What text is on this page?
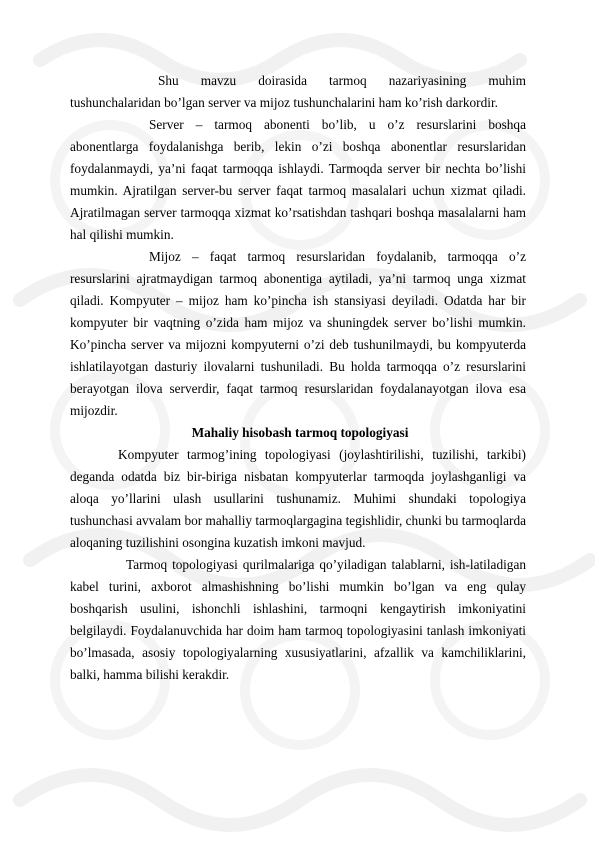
Shu mavzu doirasida tarmoq nazariyasining muhim tushunchalaridan bo’lgan server va mijoz tushunchalarini ham ko’rish darkordir.

Server – tarmoq abonenti bo’lib, u o’z resurslarini boshqa abonentlarga foydalanishga berib, lekin o’zi boshqa abonentlar resurslaridan foydalanmaydi, ya’ni faqat tarmoqqa ishlaydi. Tarmoqda server bir nechta bo’lishi mumkin. Ajratilgan server-bu server faqat tarmoq masalalari uchun xizmat qiladi. Ajratilmagan server tarmoqqa xizmat ko’rsatishdan tashqari boshqa masalalarni ham hal qilishi mumkin.

Mijoz – faqat tarmoq resurslaridan foydalanib, tarmoqqa o’z resurslarini ajratmaydigan tarmoq abonentiga aytiladi, ya’ni tarmoq unga xizmat qiladi. Kompyuter – mijoz ham ko’pincha ish stansiyasi deyiladi. Odatda har bir kompyuter bir vaqtning o’zida ham mijoz va shuningdek server bo’lishi mumkin. Ko’pincha server va mijozni kompyuterni o’zi deb tushunilmaydi, bu kompyuterda ishlatilayotgan dasturiy ilovalarni tushuniladi. Bu holda tarmoqqa o’z resurslarini berayotgan ilova serverdir, faqat tarmoq resurslaridan foydalanayotgan ilova esa mijozdir.

Mahaliy hisobash tarmoq topologiyasi

Kompyuter tarmog’ining topologiyasi (joylashtirilishi, tuzilishi, tarkibi) deganda odatda biz bir-biriga nisbatan kompyuterlar tarmoqda joylashganligi va aloqa yo’llarini ulash usullarini tushunamiz. Muhimi shundaki topologiya tushunchasi avvalam bor mahalliy tarmoqlargagina tegishlidir, chunki bu tarmoqlarda aloqaning tuzilishini osongina kuzatish imkoni mavjud.

Tarmoq topologiyasi qurilmalariga qo’yiladigan talablarni, ish-latiladigan kabel turini, axborot almashishning bo’lishi mumkin bo’lgan va eng qulay boshqarish usulini, ishonchli ishlashini, tarmoqni kengaytirish imkoniyatini belgilaydi. Foydalanuvchida har doim ham tarmoq topologiyasini tanlash imkoniyati bo’lmasada, asosiy topologiyalarning xususiyatlarini, afzallik va kamchiliklarini, balki, hamma bilishi kerakdir.
